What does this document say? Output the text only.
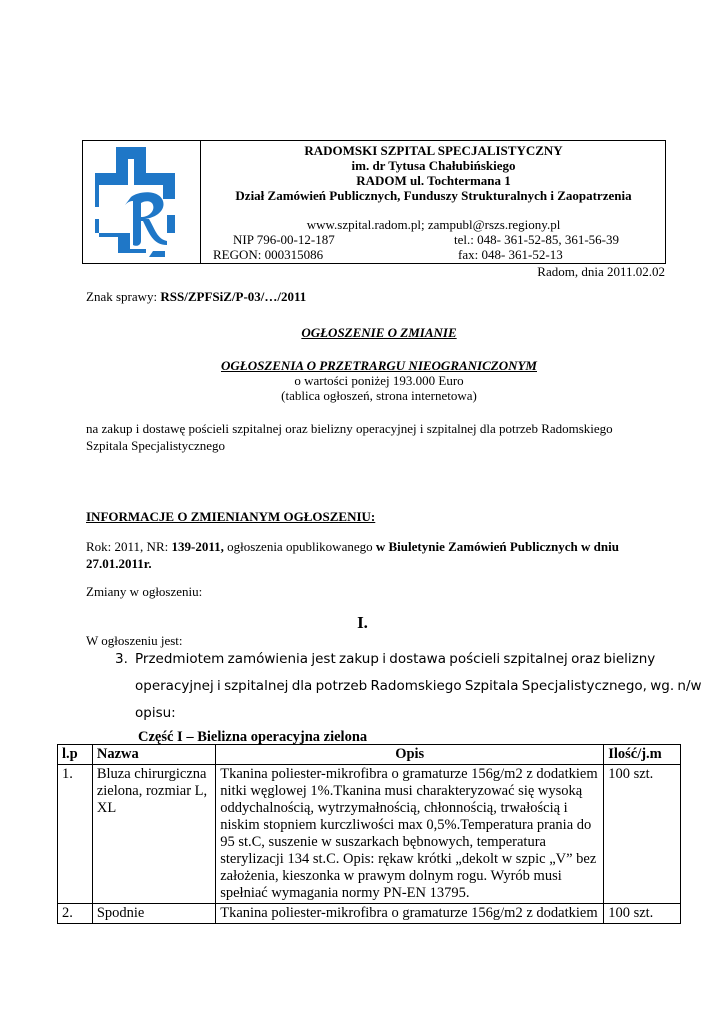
RADOMSKI SZPITAL SPECJALISTYCZNY
im. dr Tytusa Chałubińskiego
RADOM ul. Tochtermana 1
Dział Zamówień Publicznych, Funduszy Strukturalnych i Zaopatrzenia
www.szpital.radom.pl; zampubl@rszs.regiony.pl
NIP 796-00-12-187	tel.: 048- 361-52-85, 361-56-39
REGON: 000315086	fax: 048- 361-52-13
Radom, dnia 2011.02.02
Znak sprawy: RSS/ZPFSiZ/P-03/…/2011
OGŁOSZENIE O ZMIANIE
OGŁOSZENIA O PRZETRARGU NIEOGRANICZONYM
o wartości poniżej 193.000 Euro
(tablica ogłoszeń, strona internetowa)
na zakup i dostawę pościeli szpitalnej oraz bielizny operacyjnej i szpitalnej dla potrzeb Radomskiego Szpitala Specjalistycznego
INFORMACJE O ZMIENIANYM OGŁOSZENIU:
Rok: 2011, NR: 139-2011, ogłoszenia opublikowanego w Biuletynie Zamówień Publicznych w dniu 27.01.2011r.
Zmiany w ogłoszeniu:
I.
W ogłoszeniu jest:
3. Przedmiotem zamówienia jest zakup i dostawa pościeli szpitalnej oraz bielizny
operacyjnej i szpitalnej dla potrzeb Radomskiego Szpitala Specjalistycznego, wg. n/w
opisu:
Część I – Bielizna operacyjna zielona
l.p	Nazwa	Opis	Ilość/j.m
1.	Bluza chirurgiczna zielona, rozmiar L, XL	Tkanina poliester-mikrofibra o gramaturze 156g/m2 z dodatkiem nitki węglowej 1%.Tkanina musi charakteryzować się wysoką oddychalnością, wytrzymałnością, chłonnością, trwałością i niskim stopniem kurczliwości max 0,5%.Temperatura prania do 95 st.C, suszenie w suszarkach bębnowych, temperatura sterylizacji 134 st.C. Opis: rękaw krótki „dekolt w szpic „V” bez założenia, kieszonka w prawym dolnym rogu. Wyrób musi spełniać wymagania normy PN-EN 13795.	100 szt.
2.	Spodnie	Tkanina poliester-mikrofibra o gramaturze 156g/m2 z dodatkiem	100 szt.
